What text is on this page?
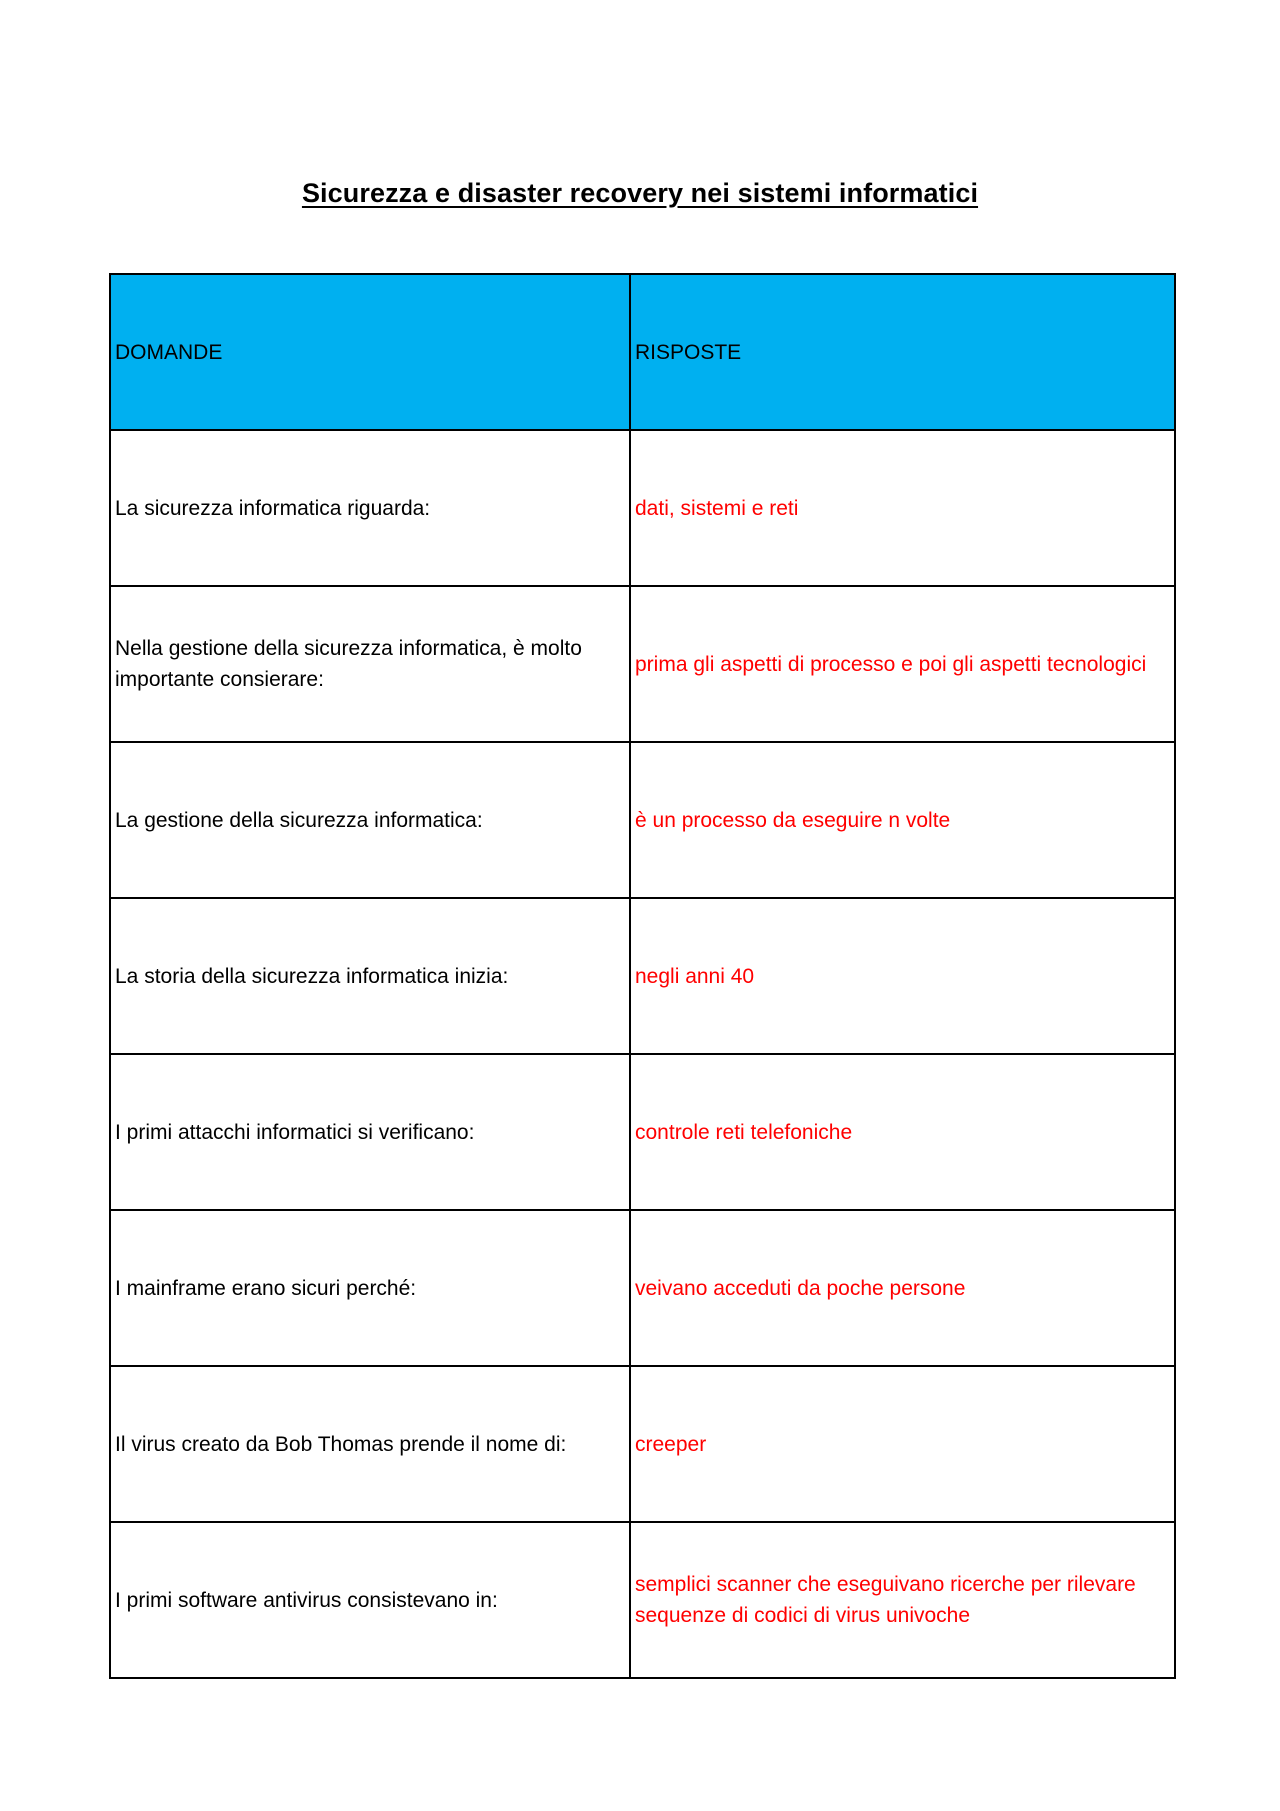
Sicurezza e disaster recovery nei sistemi informatici
DOMANDE	RISPOSTE
La sicurezza informatica riguarda:	dati, sistemi e reti
Nella gestione della sicurezza informatica, è molto importante consierare:	prima gli aspetti di processo e poi gli aspetti tecnologici
La gestione della sicurezza informatica:	è un processo da eseguire n volte
La storia della sicurezza informatica inizia:	negli anni 40
I primi attacchi informatici si verificano:	controle reti telefoniche
I mainframe erano sicuri perché:	veivano acceduti da poche persone
Il virus creato da Bob Thomas prende il nome di:	creeper
I primi software antivirus consistevano in:	semplici scanner che eseguivano ricerche per rilevare sequenze di codici di virus univoche
